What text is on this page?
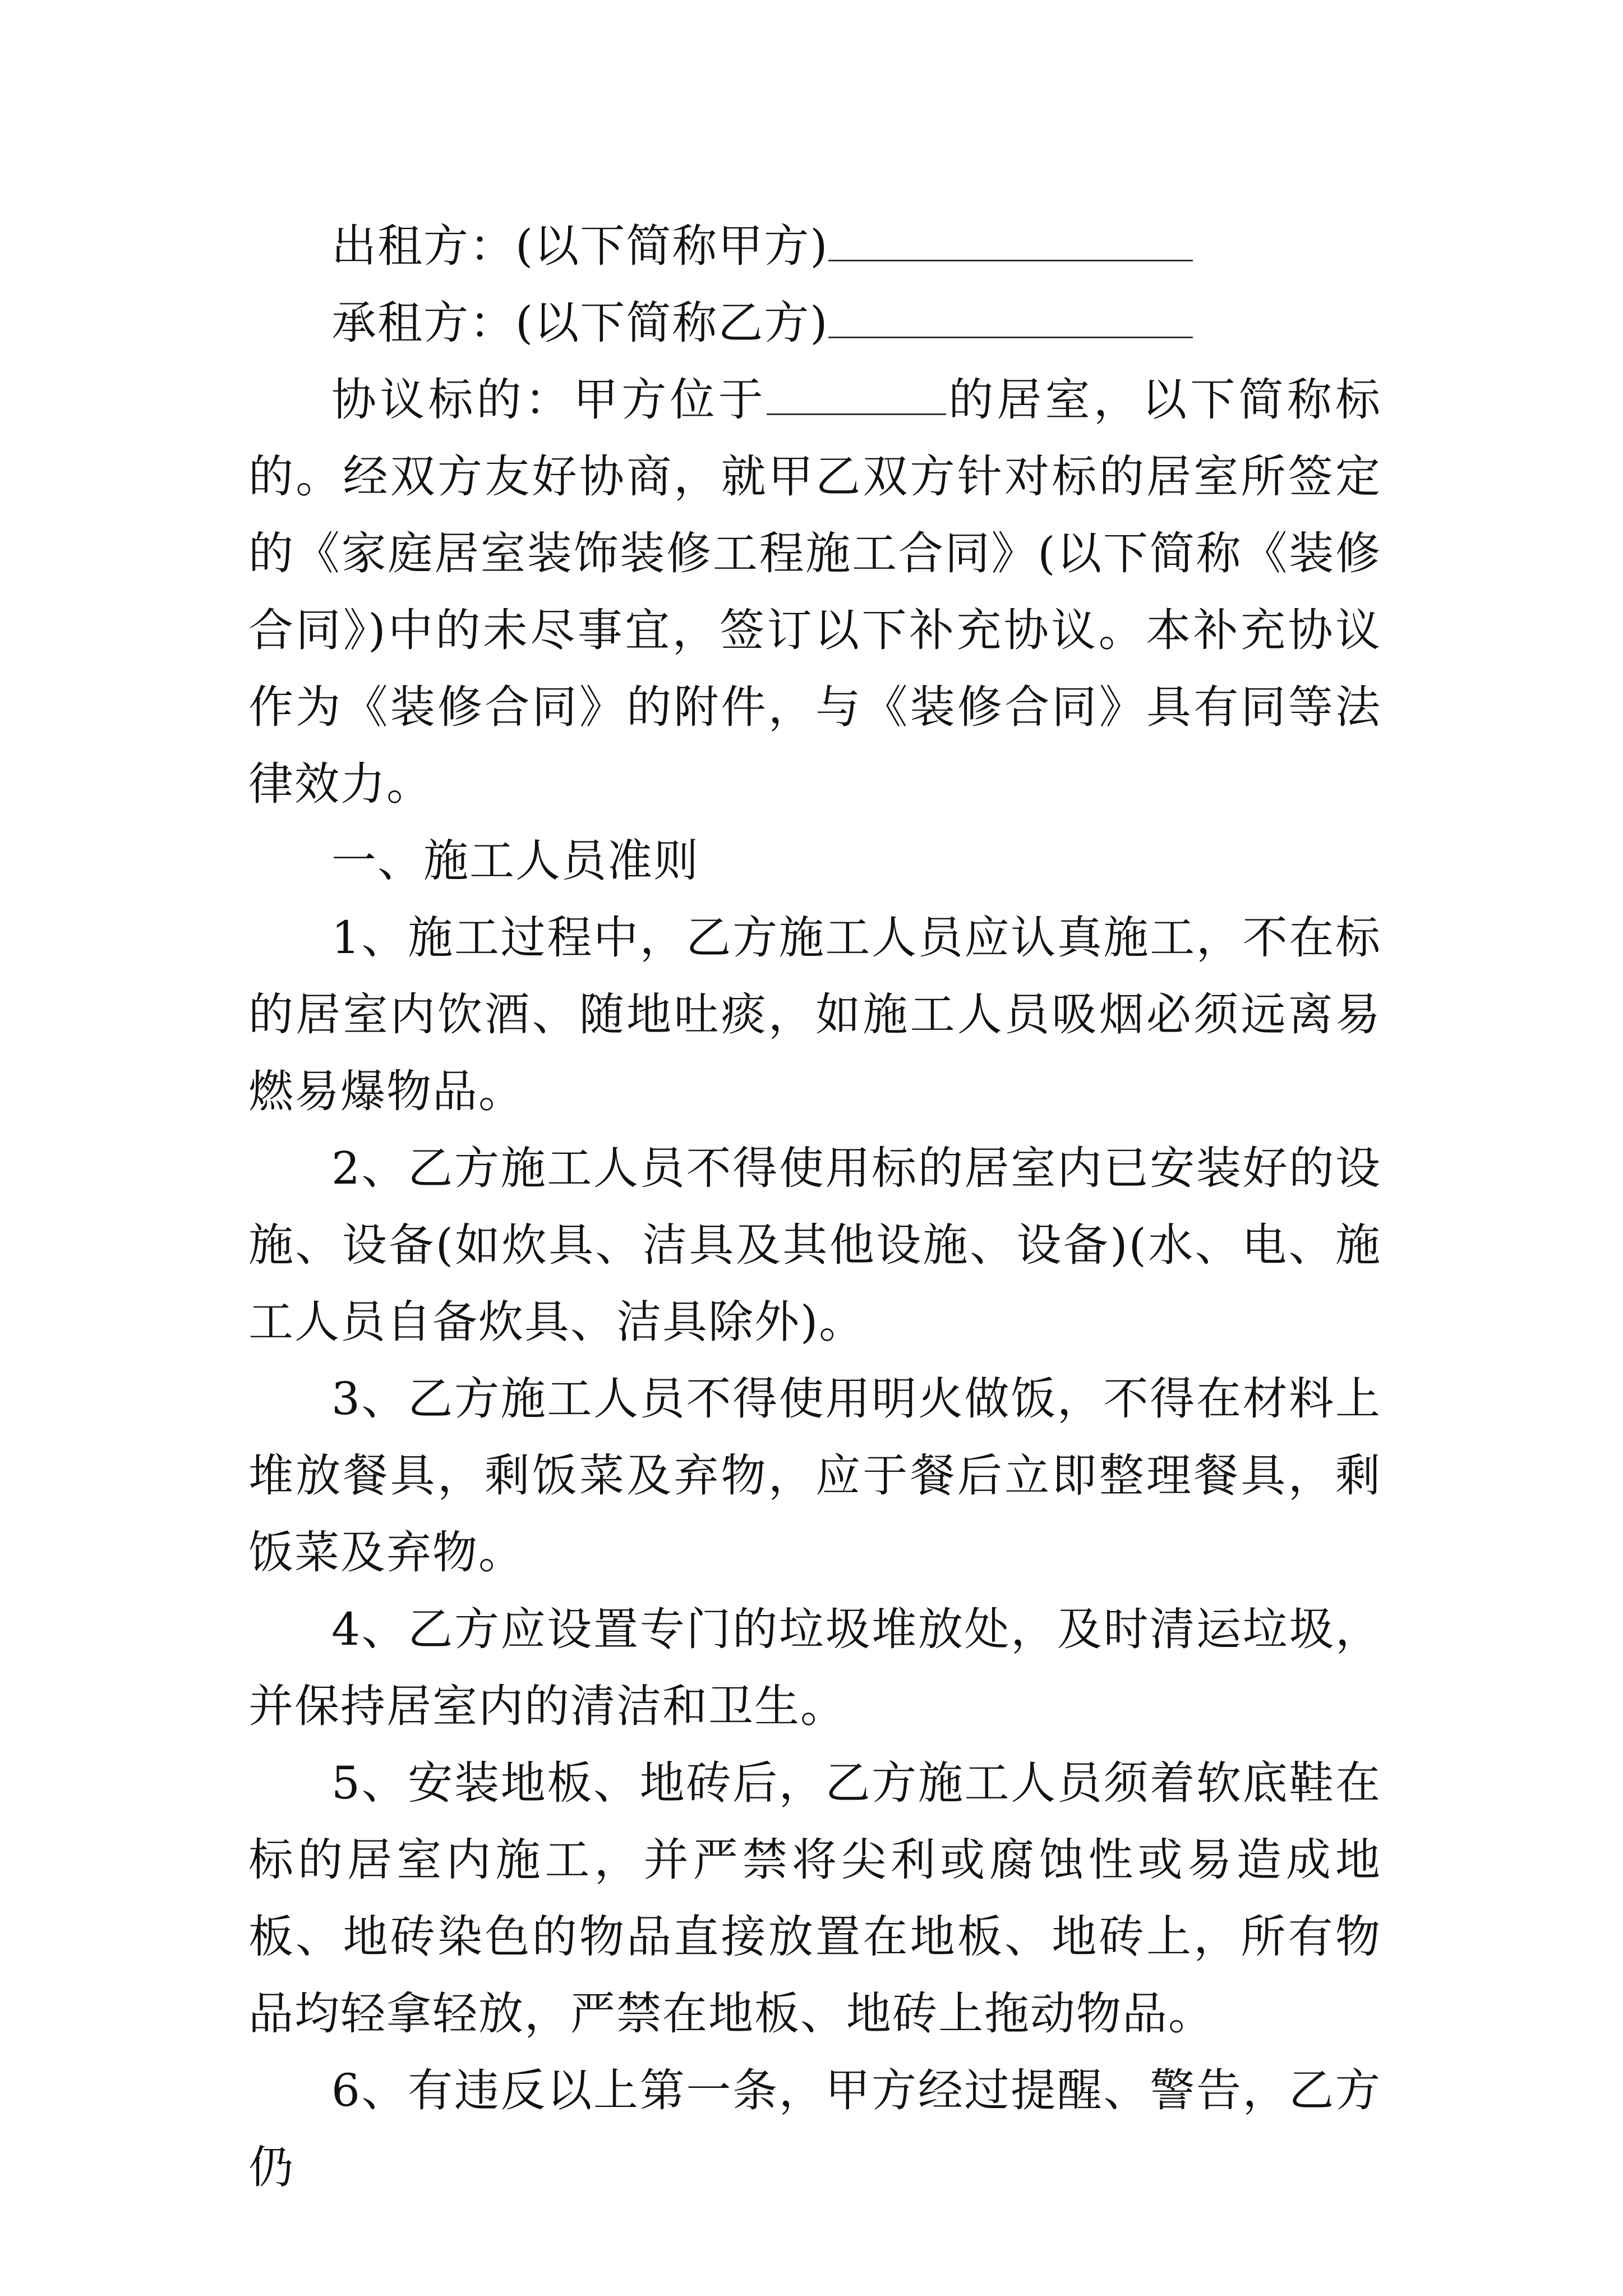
出租方：(以下简称甲方)

承租方：(以下简称乙方)

协议标的：甲方位于	的居室，以下简称标的。经双方友好协商，就甲乙双方针对标的居室所签定的《家庭居室装饰装修工程施工合同》(以下简称《装修合同》)中的未尽事宜，签订以下补充协议。本补充协议作为《装修合同》的附件，与《装修合同》具有同等法律效力。

一、施工人员准则

1、施工过程中，乙方施工人员应认真施工，不在标的居室内饮酒、随地吐痰，如施工人员吸烟必须远离易燃易爆物品。

2、乙方施工人员不得使用标的居室内已安装好的设施、设备(如炊具、洁具及其他设施、设备)(水、电、施工人员自备炊具、洁具除外)。

3、乙方施工人员不得使用明火做饭，不得在材料上堆放餐具，剩饭菜及弃物，应于餐后立即整理餐具，剩饭菜及弃物。

4、乙方应设置专门的垃圾堆放处，及时清运垃圾，并保持居室内的清洁和卫生。

5、安装地板、地砖后，乙方施工人员须着软底鞋在标的居室内施工，并严禁将尖利或腐蚀性或易造成地板、地砖染色的物品直接放置在地板、地砖上，所有物品均轻拿轻放，严禁在地板、地砖上拖动物品。

6、有违反以上第一条，甲方经过提醒、警告，乙方仍
